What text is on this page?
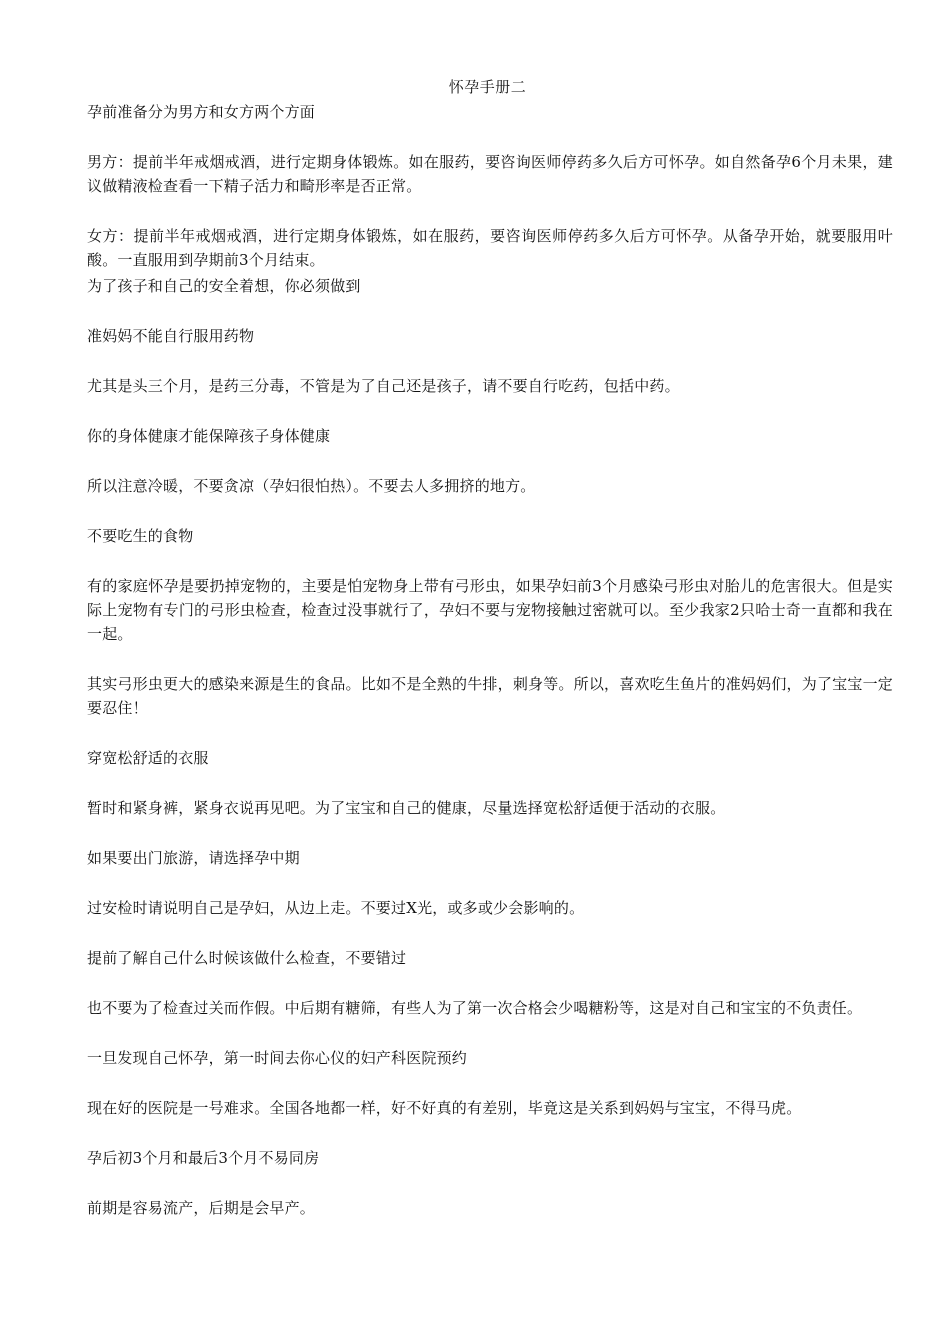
怀孕手册二

孕前准备分为男方和女方两个方面

男方：提前半年戒烟戒酒，进行定期身体锻炼。如在服药，要咨询医师停药多久后方可怀孕。如自然备孕6个月未果，建议做精液检查看一下精子活力和畸形率是否正常。

女方：提前半年戒烟戒酒，进行定期身体锻炼，如在服药，要咨询医师停药多久后方可怀孕。从备孕开始，就要服用叶酸。一直服用到孕期前3个月结束。

为了孩子和自己的安全着想，你必须做到

准妈妈不能自行服用药物

尤其是头三个月，是药三分毒，不管是为了自己还是孩子，请不要自行吃药，包括中药。

你的身体健康才能保障孩子身体健康

所以注意冷暖，不要贪凉（孕妇很怕热）。不要去人多拥挤的地方。

不要吃生的食物

有的家庭怀孕是要扔掉宠物的，主要是怕宠物身上带有弓形虫，如果孕妇前3个月感染弓形虫对胎儿的危害很大。但是实际上宠物有专门的弓形虫检查，检查过没事就行了，孕妇不要与宠物接触过密就可以。至少我家2只哈士奇一直都和我在一起。

其实弓形虫更大的感染来源是生的食品。比如不是全熟的牛排，刺身等。所以，喜欢吃生鱼片的准妈妈们，为了宝宝一定要忍住！

穿宽松舒适的衣服

暂时和紧身裤，紧身衣说再见吧。为了宝宝和自己的健康，尽量选择宽松舒适便于活动的衣服。

如果要出门旅游，请选择孕中期

过安检时请说明自己是孕妇，从边上走。不要过X光，或多或少会影响的。

提前了解自己什么时候该做什么检查，不要错过

也不要为了检查过关而作假。中后期有糖筛，有些人为了第一次合格会少喝糖粉等，这是对自己和宝宝的不负责任。

一旦发现自己怀孕，第一时间去你心仪的妇产科医院预约

现在好的医院是一号难求。全国各地都一样，好不好真的有差别，毕竟这是关系到妈妈与宝宝，不得马虎。

孕后初3个月和最后3个月不易同房

前期是容易流产，后期是会早产。
